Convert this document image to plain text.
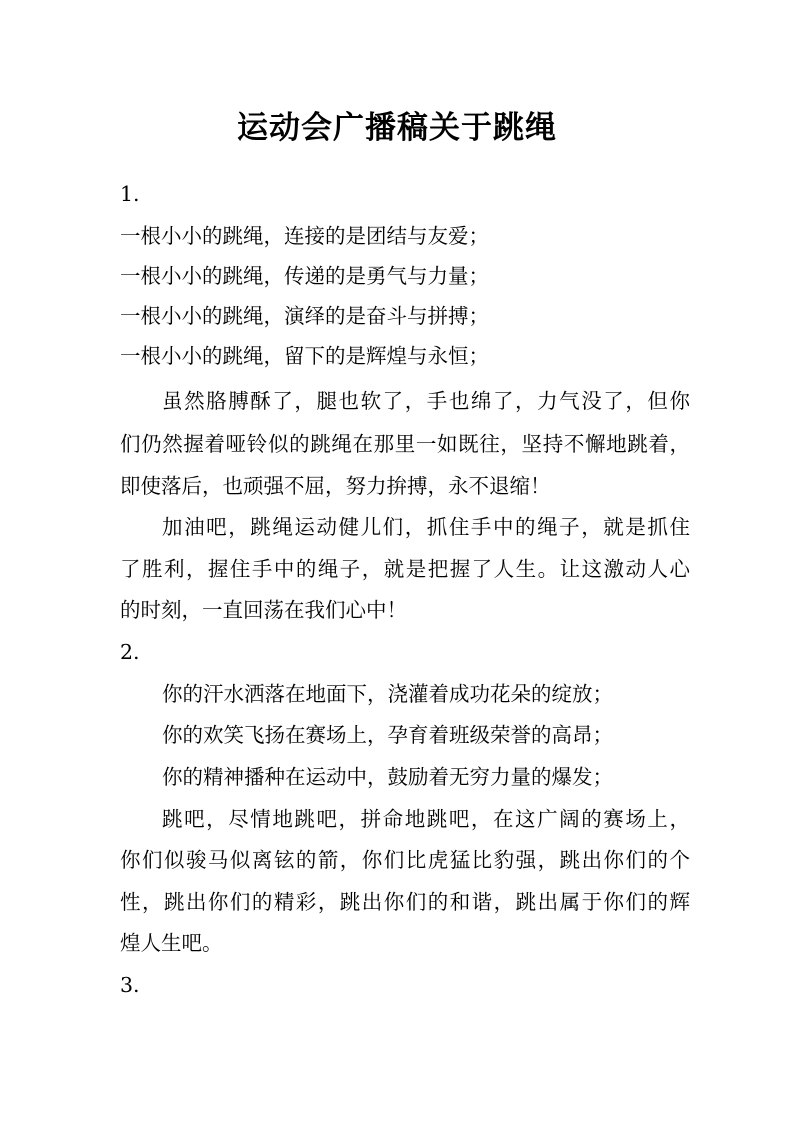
运动会广播稿关于跳绳
1.
一根小小的跳绳，连接的是团结与友爱；
一根小小的跳绳，传递的是勇气与力量；
一根小小的跳绳，演绎的是奋斗与拼搏；
一根小小的跳绳，留下的是辉煌与永恒；
虽然胳膊酥了，腿也软了，手也绵了，力气没了，但你
们仍然握着哑铃似的跳绳在那里一如既往，坚持不懈地跳着，
即使落后，也顽强不屈，努力拚搏，永不退缩！
加油吧，跳绳运动健儿们，抓住手中的绳子，就是抓住
了胜利，握住手中的绳子，就是把握了人生。让这激动人心
的时刻，一直回荡在我们心中！
2.
你的汗水洒落在地面下，浇灌着成功花朵的绽放；
你的欢笑飞扬在赛场上，孕育着班级荣誉的高昂；
你的精神播种在运动中，鼓励着无穷力量的爆发；
跳吧，尽情地跳吧，拼命地跳吧，在这广阔的赛场上，
你们似骏马似离铉的箭，你们比虎猛比豹强，跳出你们的个
性，跳出你们的精彩，跳出你们的和谐，跳出属于你们的辉
煌人生吧。
3.
